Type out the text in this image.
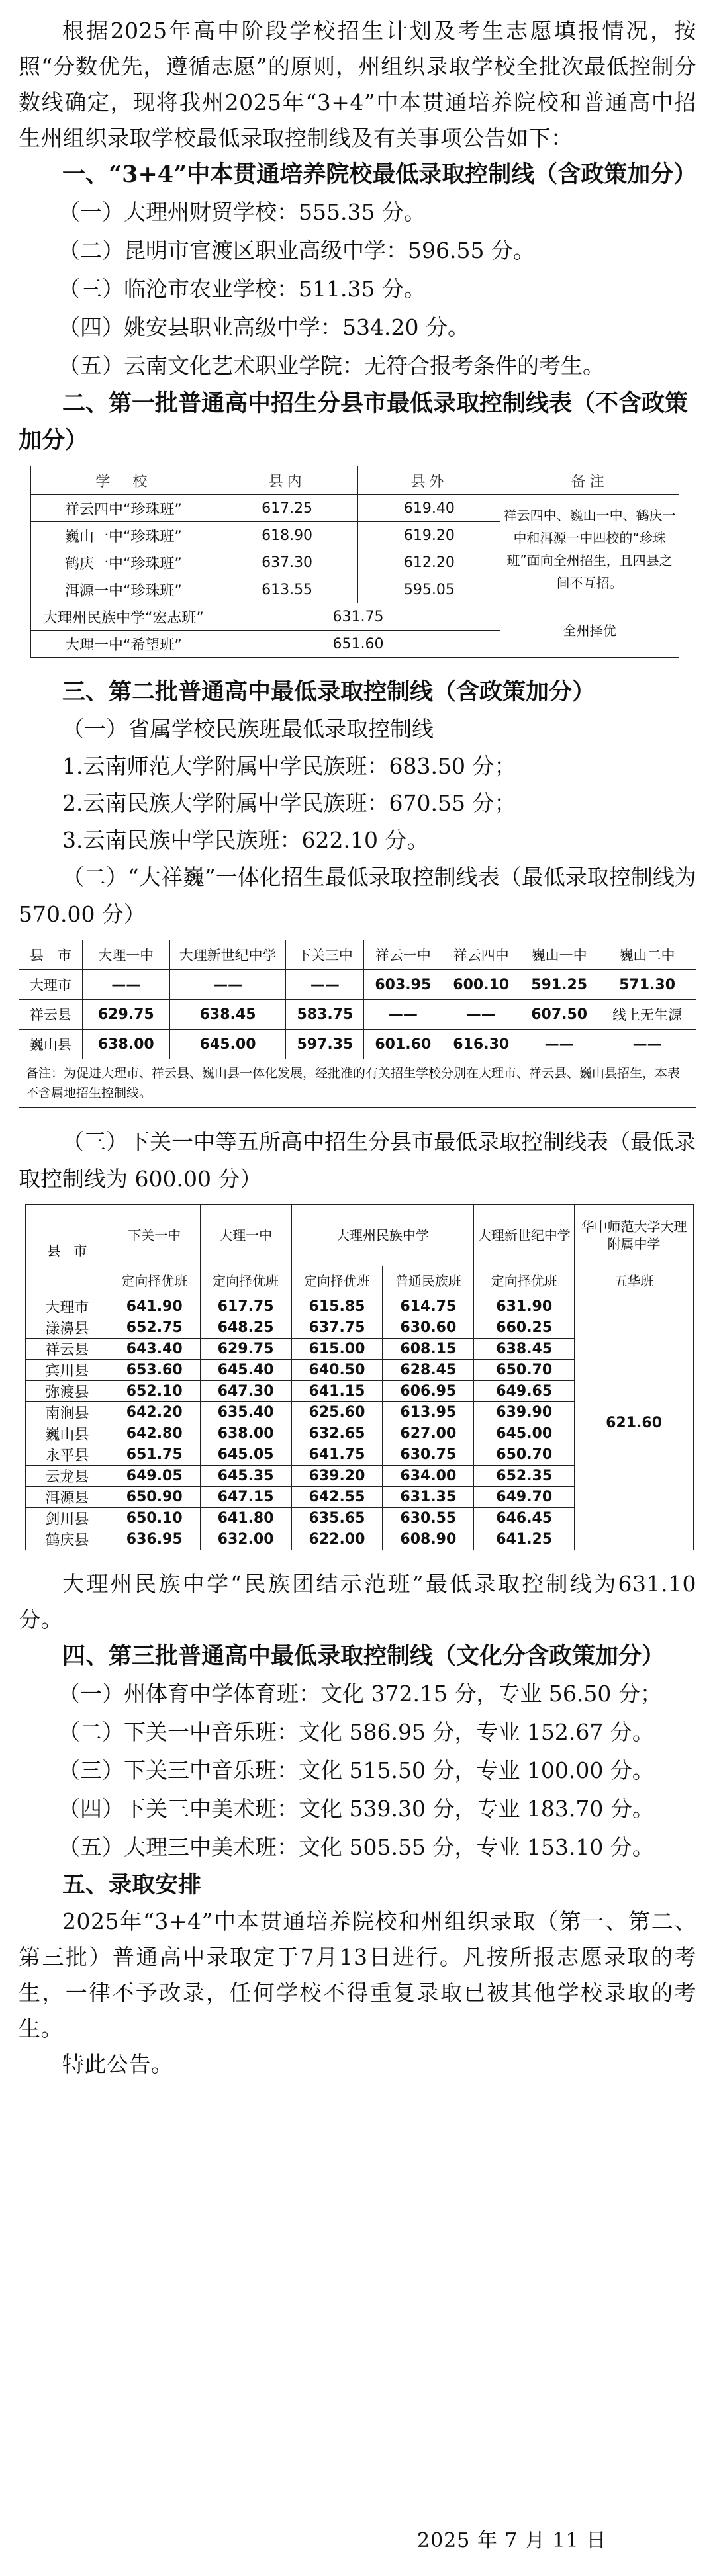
根据2025年高中阶段学校招生计划及考生志愿填报情况，按照“分数优先，遵循志愿”的原则，州组织录取学校全批次最低控制分数线确定，现将我州2025年“3+4”中本贯通培养院校和普通高中招生州组织录取学校最低录取控制线及有关事项公告如下：

一、“3+4”中本贯通培养院校最低录取控制线（含政策加分）

（一）大理州财贸学校：555.35 分。

（二）昆明市官渡区职业高级中学：596.55 分。

（三）临沧市农业学校：511.35 分。

（四）姚安县职业高级中学：534.20 分。

（五）云南文化艺术职业学院：无符合报考条件的考生。

二、第一批普通高中招生分县市最低录取控制线表（不含政策加分）

学　校	县内	县外	备注
祥云四中“珍珠班”	617.25	619.40	祥云四中、巍山一中、鹤庆一中和洱源一中四校的“珍珠班”面向全州招生，且四县之间不互招。
巍山一中“珍珠班”	618.90	619.20	
鹤庆一中“珍珠班”	637.30	612.20	
洱源一中“珍珠班”	613.55	595.05	
大理州民族中学“宏志班”	631.75		全州择优
大理一中“希望班”	651.60		

三、第二批普通高中最低录取控制线（含政策加分）

（一）省属学校民族班最低录取控制线

1.云南师范大学附属中学民族班：683.50 分；

2.云南民族大学附属中学民族班：670.55 分；

3.云南民族中学民族班：622.10 分。

（二）“大祥巍”一体化招生最低录取控制线表（最低录取控制线为 570.00 分）

县　市	大理一中	大理新世纪中学	下关三中	祥云一中	祥云四中	巍山一中	巍山二中
大理市	——	——	——	603.95	600.10	591.25	571.30
祥云县	629.75	638.45	583.75	——	——	607.50	线上无生源
巍山县	638.00	645.00	597.35	601.60	616.30	——	——
备注：为促进大理市、祥云县、巍山县一体化发展，经批准的有关招生学校分别在大理市、祥云县、巍山县招生，本表不含属地招生控制线。							

（三）下关一中等五所高中招生分县市最低录取控制线表（最低录取控制线为 600.00 分）

县　市	下关一中	大理一中	大理州民族中学		大理新世纪中学	华中师范大学大理附属中学
	定向择优班	定向择优班	定向择优班	普通民族班	定向择优班	五华班
大理市	641.90	617.75	615.85	614.75	631.90	621.60
漾濞县	652.75	648.25	637.75	630.60	660.25	
祥云县	643.40	629.75	615.00	608.15	638.45	
宾川县	653.60	645.40	640.50	628.45	650.70	
弥渡县	652.10	647.30	641.15	606.95	649.65	
南涧县	642.20	635.40	625.60	613.95	639.90	
巍山县	642.80	638.00	632.65	627.00	645.00	
永平县	651.75	645.05	641.75	630.75	650.70	
云龙县	649.05	645.35	639.20	634.00	652.35	
洱源县	650.90	647.15	642.55	631.35	649.70	
剑川县	650.10	641.80	635.65	630.55	646.45	
鹤庆县	636.95	632.00	622.00	608.90	641.25	

大理州民族中学“民族团结示范班”最低录取控制线为631.10 分。

四、第三批普通高中最低录取控制线（文化分含政策加分）

（一）州体育中学体育班：文化 372.15 分，专业 56.50 分；

（二）下关一中音乐班：文化 586.95 分，专业 152.67 分。

（三）下关三中音乐班：文化 515.50 分，专业 100.00 分。

（四）下关三中美术班：文化 539.30 分，专业 183.70 分。

（五）大理三中美术班：文化 505.55 分，专业 153.10 分。

五、录取安排

2025年“3+4”中本贯通培养院校和州组织录取（第一、第二、第三批）普通高中录取定于7月13日进行。凡按所报志愿录取的考生，一律不予改录，任何学校不得重复录取已被其他学校录取的考生。

特此公告。

2025 年 7 月 11 日
